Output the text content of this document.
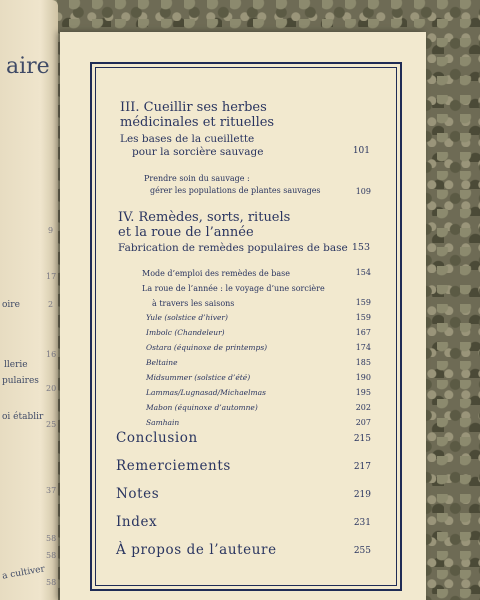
aire
oire
llerie
pulaires
oi établir
a cultiver
9
17
2
16
20
25
37
58
58
58
III. Cueillir ses herbes
médicinales et rituelles
Les bases de la cueillette
pour la sorcière sauvage	101
Prendre soin du sauvage :
gérer les populations de plantes sauvages	109
IV. Remèdes, sorts, rituels
et la roue de l’année
Fabrication de remèdes populaires de base 153
Mode d’emploi des remèdes de base	154
La roue de l’année : le voyage d’une sorcière
à travers les saisons	159
Yule (solstice d’hiver)	159
Imbolc (Chandeleur)	167
Ostara (équinoxe de printemps)	174
Beltaine	185
Midsummer (solstice d’été)	190
Lammas/Lugnasad/Michaelmas	195
Mabon (équinoxe d’automne)	202
Samhain	207
Conclusion	215
Remerciements	217
Notes	219
Index	231
À propos de l’auteure	255
